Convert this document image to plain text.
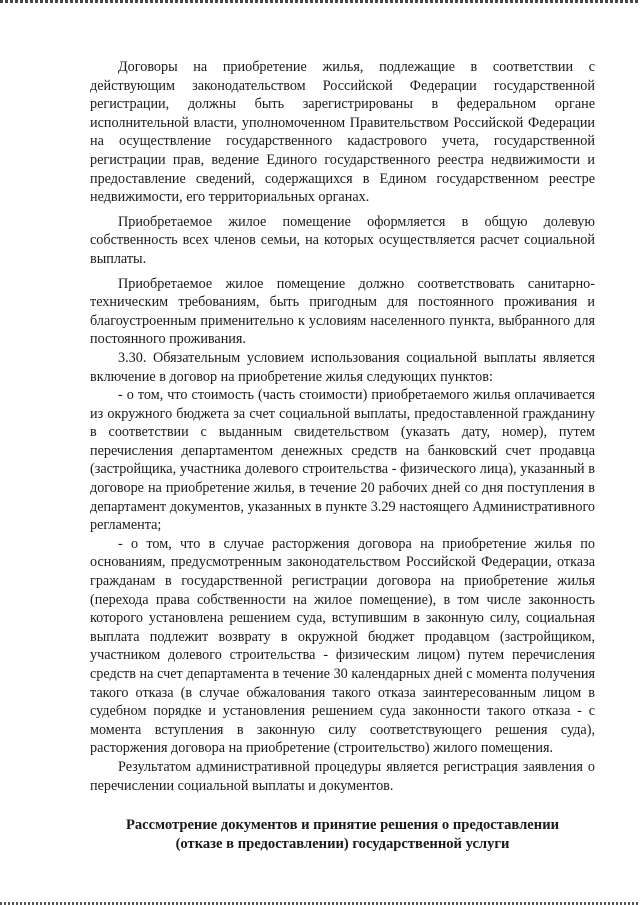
Договоры на приобретение жилья, подлежащие в соответствии с действующим законодательством Российской Федерации государственной регистрации, должны быть зарегистрированы в федеральном органе исполнительной власти, уполномоченном Правительством Российской Федерации на осуществление государственного кадастрового учета, государственной регистрации прав, ведение Единого государственного реестра недвижимости и предоставление сведений, содержащихся в Едином государственном реестре недвижимости, его территориальных органах.

Приобретаемое жилое помещение оформляется в общую долевую собственность всех членов семьи, на которых осуществляется расчет социальной выплаты.

Приобретаемое жилое помещение должно соответствовать санитарно-техническим требованиям, быть пригодным для постоянного проживания и благоустроенным применительно к условиям населенного пункта, выбранного для постоянного проживания.

3.30. Обязательным условием использования социальной выплаты является включение в договор на приобретение жилья следующих пунктов:

- о том, что стоимость (часть стоимости) приобретаемого жилья оплачивается из окружного бюджета за счет социальной выплаты, предоставленной гражданину в соответствии с выданным свидетельством (указать дату, номер), путем перечисления департаментом денежных средств на банковский счет продавца (застройщика, участника долевого строительства - физического лица), указанный в договоре на приобретение жилья, в течение 20 рабочих дней со дня поступления в департамент документов, указанных в пункте 3.29 настоящего Административного регламента;

- о том, что в случае расторжения договора на приобретение жилья по основаниям, предусмотренным законодательством Российской Федерации, отказа гражданам в государственной регистрации договора на приобретение жилья (перехода права собственности на жилое помещение), в том числе законность которого установлена решением суда, вступившим в законную силу, социальная выплата подлежит возврату в окружной бюджет продавцом (застройщиком, участником долевого строительства - физическим лицом) путем перечисления средств на счет департамента в течение 30 календарных дней с момента получения такого отказа (в случае обжалования такого отказа заинтересованным лицом в судебном порядке и установления решением суда законности такого отказа - с момента вступления в законную силу соответствующего решения суда), расторжения договора на приобретение (строительство) жилого помещения.

Результатом административной процедуры является регистрация заявления о перечислении социальной выплаты и документов.

Рассмотрение документов и принятие решения о предоставлении
(отказе в предоставлении) государственной услуги
